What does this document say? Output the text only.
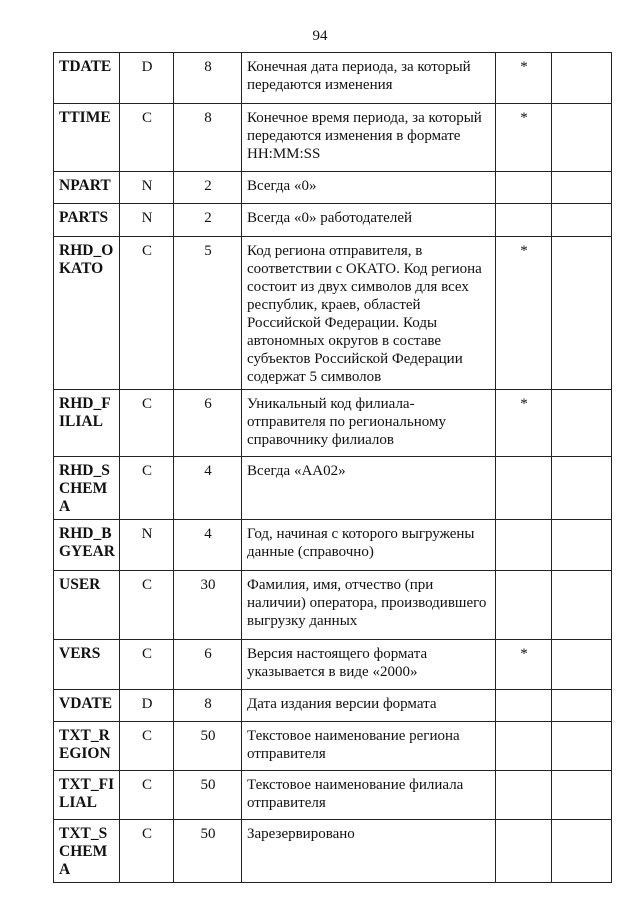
94
TDATE	D	8	Конечная дата периода, за который передаются изменения	*	
TTIME	C	8	Конечное время периода, за который передаются изменения в формате HH:MM:SS	*	
NPART	N	2	Всегда «0»		
PARTS	N	2	Всегда «0» работодателей		
RHD_OKATO	C	5	Код региона отправителя, в соответствии с ОКАТО. Код региона состоит из двух символов для всех республик, краев, областей Российской Федерации. Коды автономных округов в составе субъектов Российской Федерации содержат 5 символов	*	
RHD_FILIAL	C	6	Уникальный код филиала-отправителя по региональному справочнику филиалов	*	
RHD_SCHEMA	C	4	Всегда «AA02»		
RHD_BGYEAR	N	4	Год, начиная с которого выгружены данные (справочно)		
USER	C	30	Фамилия, имя, отчество (при наличии) оператора, производившего выгрузку данных		
VERS	C	6	Версия настоящего формата указывается в виде «2000»	*	
VDATE	D	8	Дата издания версии формата		
TXT_REGION	C	50	Текстовое наименование региона отправителя		
TXT_FILIAL	C	50	Текстовое наименование филиала отправителя		
TXT_SCHEMA	C	50	Зарезервировано		
